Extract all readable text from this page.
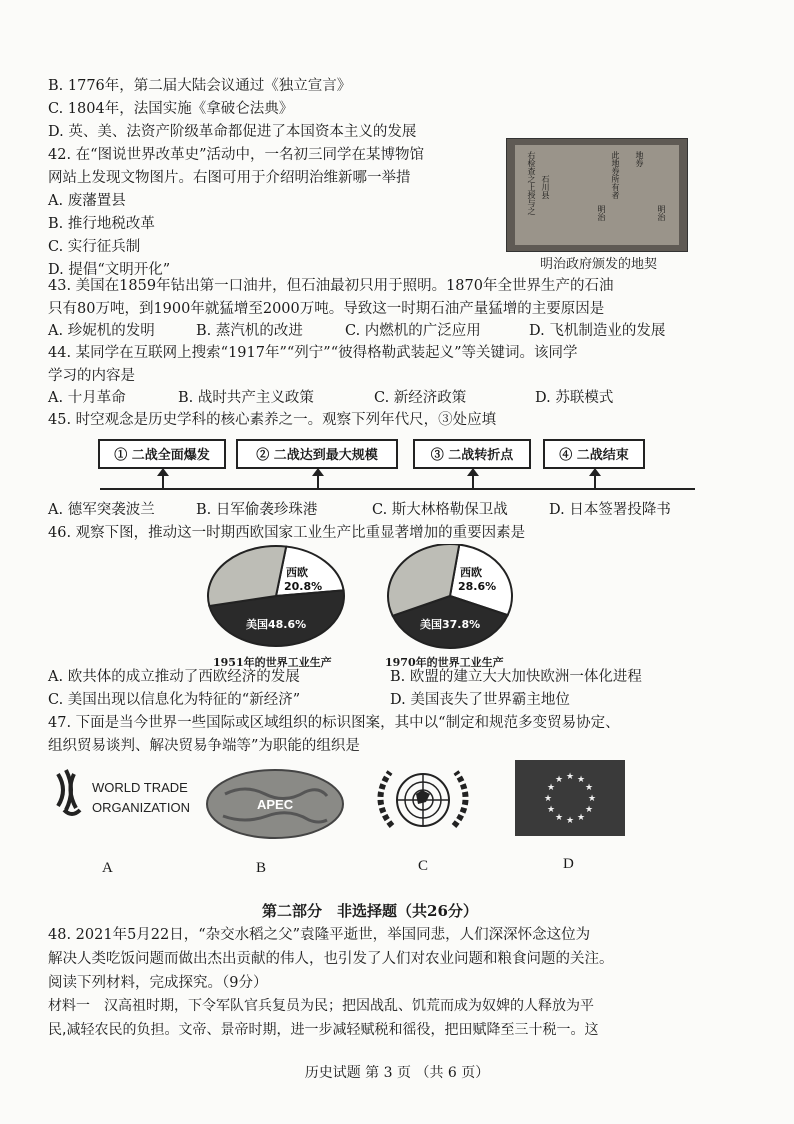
B. 1776年，第二届大陆会议通过《独立宣言》
C. 1804年，法国实施《拿破仑法典》
D. 英、美、法资产阶级革命都促进了本国资本主义的发展
42. 在“图说世界改革史”活动中，一名初三同学在某博物馆
网站上发现文物图片。右图可用于介绍明治维新哪一举措
A. 废藩置县
B. 推行地税改革
C. 实行征兵制
D. 提倡“文明开化”
右检查之上授与之 石川县
地券
此地券所有者
明治	明治
明治政府颁发的地契
43. 美国在1859年钻出第一口油井，但石油最初只用于照明。1870年全世界生产的石油
只有80万吨，到1900年就猛增至2000万吨。导致这一时期石油产量猛增的主要原因是
A. 珍妮机的发明	B. 蒸汽机的改进	C. 内燃机的广泛应用	D. 飞机制造业的发展
44. 某同学在互联网上搜索“1917年”“列宁”“彼得格勒武装起义”等关键词。该同学
学习的内容是
A. 十月革命	B. 战时共产主义政策	C. 新经济政策	D. 苏联模式
45. 时空观念是历史学科的核心素养之一。观察下列年代尺，③处应填
① 二战全面爆发	② 二战达到最大规模	③ 二战转折点	④ 二战结束
A. 德军突袭波兰	B. 日军偷袭珍珠港	C. 斯大林格勒保卫战	D. 日本签署投降书
46. 观察下图，推动这一时期西欧国家工业生产比重显著增加的重要因素是
西欧
20.8%
美国48.6%
西欧
28.6%
美国37.8%
1951年的世界工业生产	1970年的世界工业生产
A. 欧共体的成立推动了西欧经济的发展	B. 欧盟的建立大大加快欧洲一体化进程
C. 美国出现以信息化为特征的“新经济”	D. 美国丧失了世界霸主地位
47. 下面是当今世界一些国际或区域组织的标识图案，其中以“制定和规范多变贸易协定、
组织贸易谈判、解决贸易争端等”为职能的组织是
WORLD TRADE
ORGANIZATION	APEC	★
★
★
★
★
★
★
★
★ ★ ★
★
A	B	C	D
第二部分　非选择题（共26分）
48. 2021年5月22日，“杂交水稻之父”袁隆平逝世，举国同悲，人们深深怀念这位为
解决人类吃饭问题而做出杰出贡献的伟人，也引发了人们对农业问题和粮食问题的关注。
阅读下列材料，完成探究。（9分）
材料一　汉高祖时期，下令军队官兵复员为民；把因战乱、饥荒而成为奴婢的人释放为平
民,减轻农民的负担。文帝、景帝时期，进一步减轻赋税和徭役，把田赋降至三十税一。这
历史试题 第 3 页 （共 6 页）
